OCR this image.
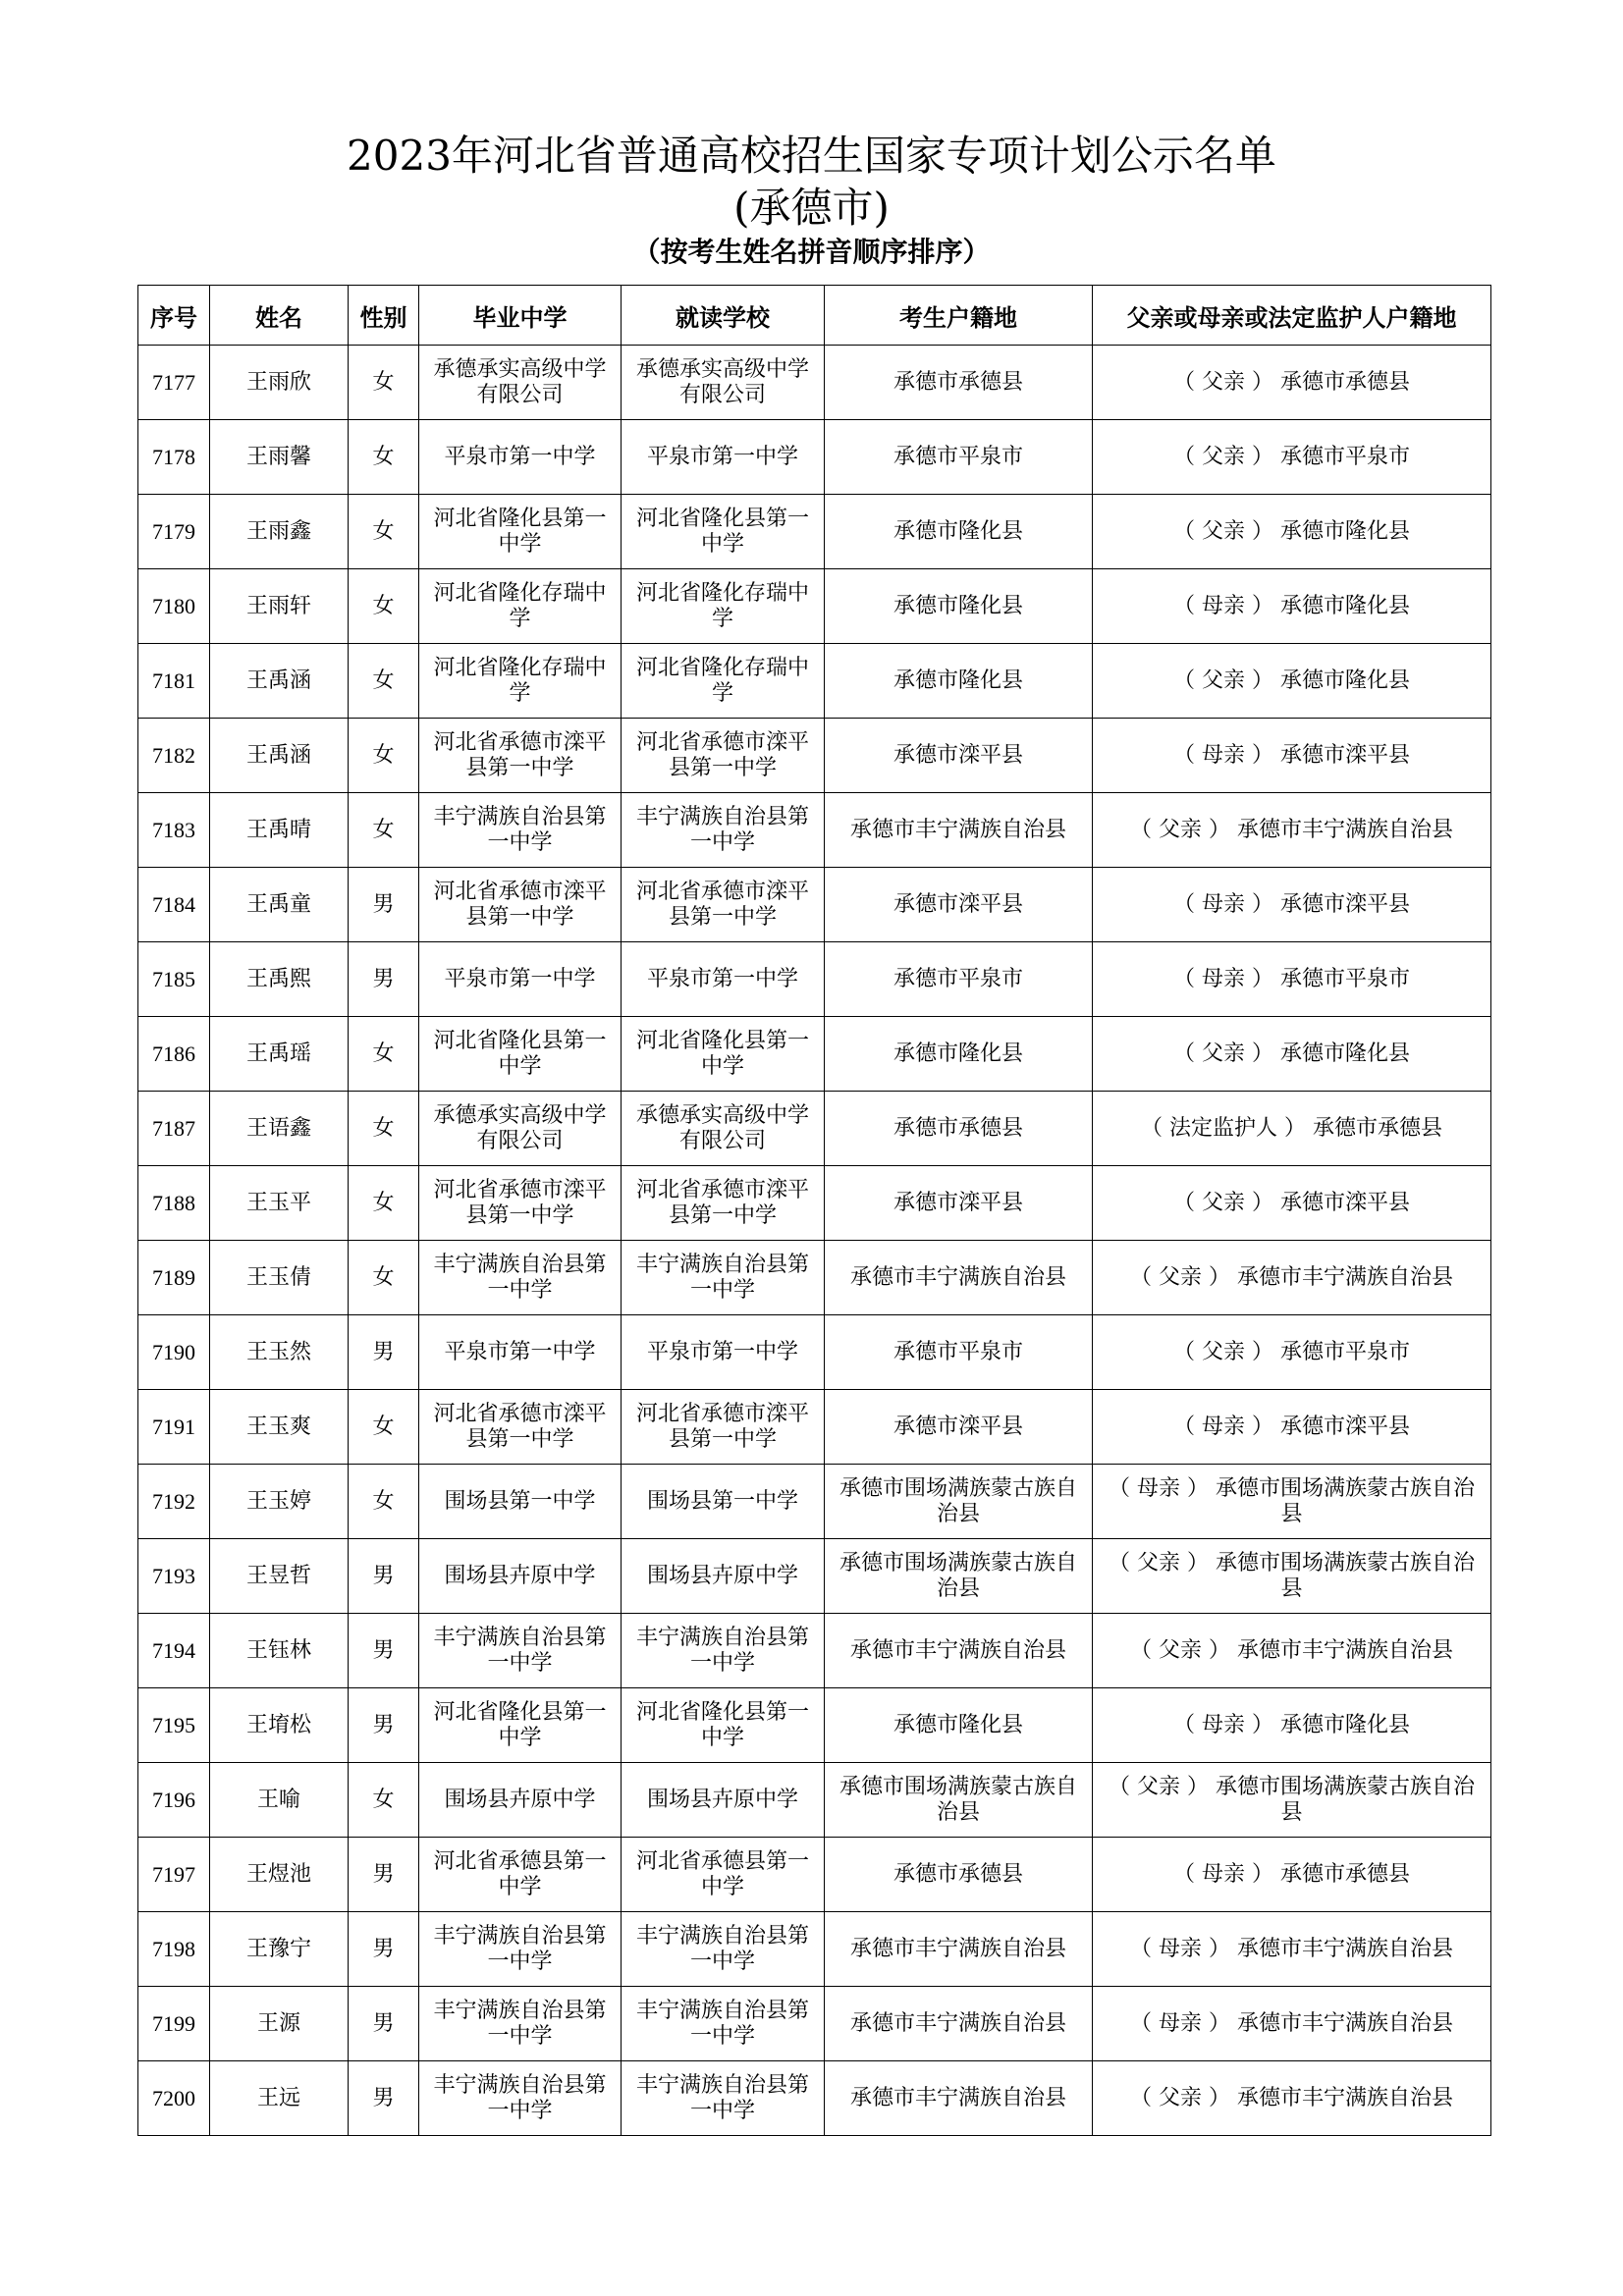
2023年河北省普通高校招生国家专项计划公示名单
(承德市)
（按考生姓名拼音顺序排序）
序号	姓名	性别	毕业中学	就读学校	考生户籍地	父亲或母亲或法定监护人户籍地
7177	王雨欣	女	承德承实高级中学有限公司	承德承实高级中学有限公司	承德市承德县	（ 父亲 ） 承德市承德县
7178	王雨馨	女	平泉市第一中学	平泉市第一中学	承德市平泉市	（ 父亲 ） 承德市平泉市
7179	王雨鑫	女	河北省隆化县第一中学	河北省隆化县第一中学	承德市隆化县	（ 父亲 ） 承德市隆化县
7180	王雨轩	女	河北省隆化存瑞中学	河北省隆化存瑞中学	承德市隆化县	（ 母亲 ） 承德市隆化县
7181	王禹涵	女	河北省隆化存瑞中学	河北省隆化存瑞中学	承德市隆化县	（ 父亲 ） 承德市隆化县
7182	王禹涵	女	河北省承德市滦平县第一中学	河北省承德市滦平县第一中学	承德市滦平县	（ 母亲 ） 承德市滦平县
7183	王禹晴	女	丰宁满族自治县第一中学	丰宁满族自治县第一中学	承德市丰宁满族自治县	（ 父亲 ） 承德市丰宁满族自治县
7184	王禹童	男	河北省承德市滦平县第一中学	河北省承德市滦平县第一中学	承德市滦平县	（ 母亲 ） 承德市滦平县
7185	王禹熙	男	平泉市第一中学	平泉市第一中学	承德市平泉市	（ 母亲 ） 承德市平泉市
7186	王禹瑶	女	河北省隆化县第一中学	河北省隆化县第一中学	承德市隆化县	（ 父亲 ） 承德市隆化县
7187	王语鑫	女	承德承实高级中学有限公司	承德承实高级中学有限公司	承德市承德县	（ 法定监护人 ） 承德市承德县
7188	王玉平	女	河北省承德市滦平县第一中学	河北省承德市滦平县第一中学	承德市滦平县	（ 父亲 ） 承德市滦平县
7189	王玉倩	女	丰宁满族自治县第一中学	丰宁满族自治县第一中学	承德市丰宁满族自治县	（ 父亲 ） 承德市丰宁满族自治县
7190	王玉然	男	平泉市第一中学	平泉市第一中学	承德市平泉市	（ 父亲 ） 承德市平泉市
7191	王玉爽	女	河北省承德市滦平县第一中学	河北省承德市滦平县第一中学	承德市滦平县	（ 母亲 ） 承德市滦平县
7192	王玉婷	女	围场县第一中学	围场县第一中学	承德市围场满族蒙古族自治县	（ 母亲 ） 承德市围场满族蒙古族自治县
7193	王昱哲	男	围场县卉原中学	围场县卉原中学	承德市围场满族蒙古族自治县	（ 父亲 ） 承德市围场满族蒙古族自治县
7194	王钰林	男	丰宁满族自治县第一中学	丰宁满族自治县第一中学	承德市丰宁满族自治县	（ 父亲 ） 承德市丰宁满族自治县
7195	王堉松	男	河北省隆化县第一中学	河北省隆化县第一中学	承德市隆化县	（ 母亲 ） 承德市隆化县
7196	王喻	女	围场县卉原中学	围场县卉原中学	承德市围场满族蒙古族自治县	（ 父亲 ） 承德市围场满族蒙古族自治县
7197	王煜池	男	河北省承德县第一中学	河北省承德县第一中学	承德市承德县	（ 母亲 ） 承德市承德县
7198	王豫宁	男	丰宁满族自治县第一中学	丰宁满族自治县第一中学	承德市丰宁满族自治县	（ 母亲 ） 承德市丰宁满族自治县
7199	王源	男	丰宁满族自治县第一中学	丰宁满族自治县第一中学	承德市丰宁满族自治县	（ 母亲 ） 承德市丰宁满族自治县
7200	王远	男	丰宁满族自治县第一中学	丰宁满族自治县第一中学	承德市丰宁满族自治县	（ 父亲 ） 承德市丰宁满族自治县
